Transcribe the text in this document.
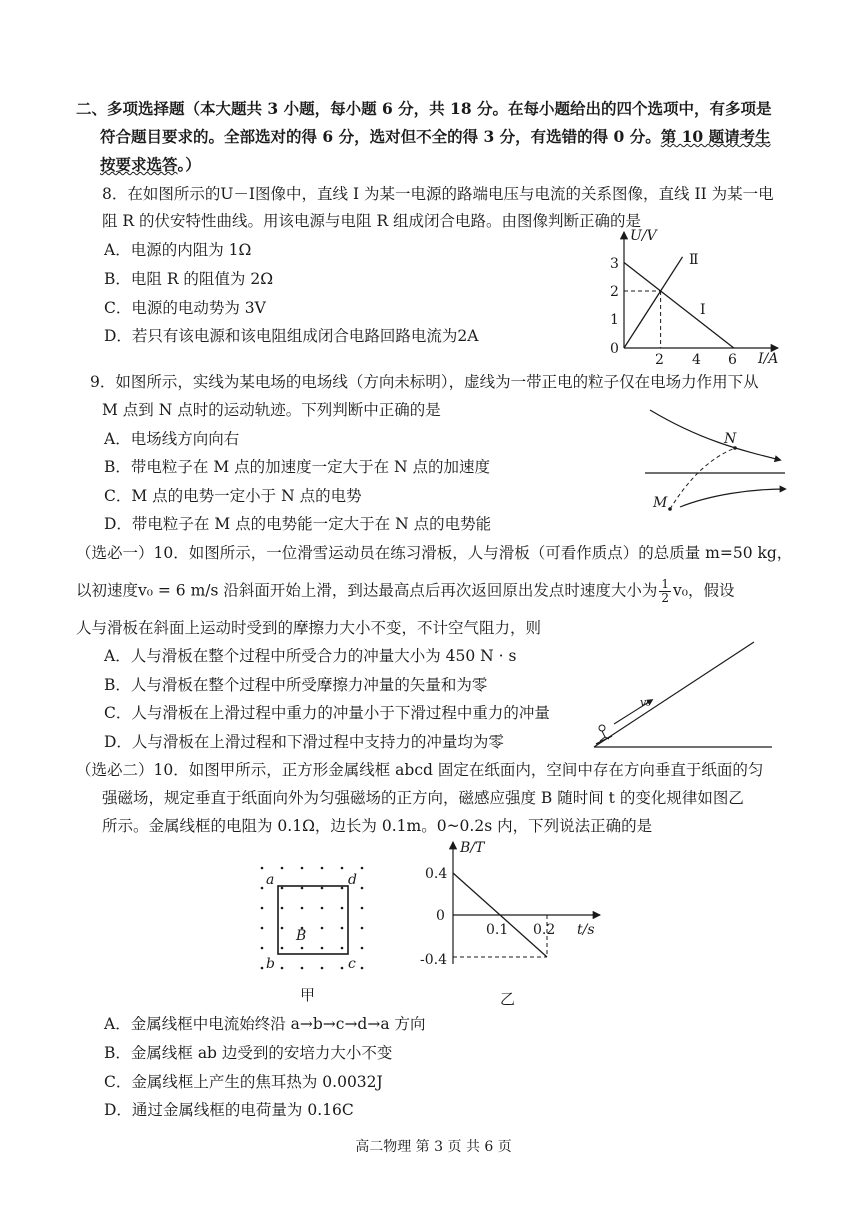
二、多项选择题（本大题共 3 小题，每小题 6 分，共 18 分。在每小题给出的四个选项中，有多项是
符合题目要求的。全部选对的得 6 分，选对但不全的得 3 分，有选错的得 0 分。第 10 题请考生
按要求选答。）
8．在如图所示的U－I图像中，直线 I 为某一电源的路端电压与电流的关系图像，直线 II 为某一电
阻 R 的伏安特性曲线。用该电源与电阻 R 组成闭合电路。由图像判断正确的是
A．电源的内阻为 1Ω
B．电阻 R 的阻值为 2Ω
C．电源的电动势为 3V
D．若只有该电源和该电阻组成闭合电路回路电流为2A
U/V
I/A
3
2
1
0
2 4 6
I
Ⅱ
9．如图所示，实线为某电场的电场线（方向未标明），虚线为一带正电的粒子仅在电场力作用下从
M 点到 N 点时的运动轨迹。下列判断中正确的是
A．电场线方向向右
B．带电粒子在 M 点的加速度一定大于在 N 点的加速度
C．M 点的电势一定小于 N 点的电势
D．带电粒子在 M 点的电势能一定大于在 N 点的电势能
N
M
（选必一）10．如图所示，一位滑雪运动员在练习滑板，人与滑板（可看作质点）的总质量 m=50 kg，
以初速度v₀ = 6 m/s 沿斜面开始上滑，到达最高点后再次返回原出发点时速度大小为 $\frac{1}{2} v_0$，假设
人与滑板在斜面上运动时受到的摩擦力大小不变，不计空气阻力，则
A．人与滑板在整个过程中所受合力的冲量大小为 450 N · s
B．人与滑板在整个过程中所受摩擦力冲量的矢量和为零
C．人与滑板在上滑过程中重力的冲量小于下滑过程中重力的冲量
D．人与滑板在上滑过程和下滑过程中支持力的冲量均为零
v₀
（选必二）10．如图甲所示，正方形金属线框 abcd 固定在纸面内，空间中存在方向垂直于纸面的匀
强磁场，规定垂直于纸面向外为匀强磁场的正方向，磁感应强度 B 随时间 t 的变化规律如图乙
所示。金属线框的电阻为 0.1Ω，边长为 0.1m。0~0.2s 内，下列说法正确的是
a
b	c
d
B
甲
B/T
t/s
0.4
0
-0.4
0.1 0.2
乙
A．金属线框中电流始终沿 a→b→c→d→a 方向
B．金属线框 ab 边受到的安培力大小不变
C．金属线框上产生的焦耳热为 0.0032J
D．通过金属线框的电荷量为 0.16C
高二物理 第 3 页 共 6 页
